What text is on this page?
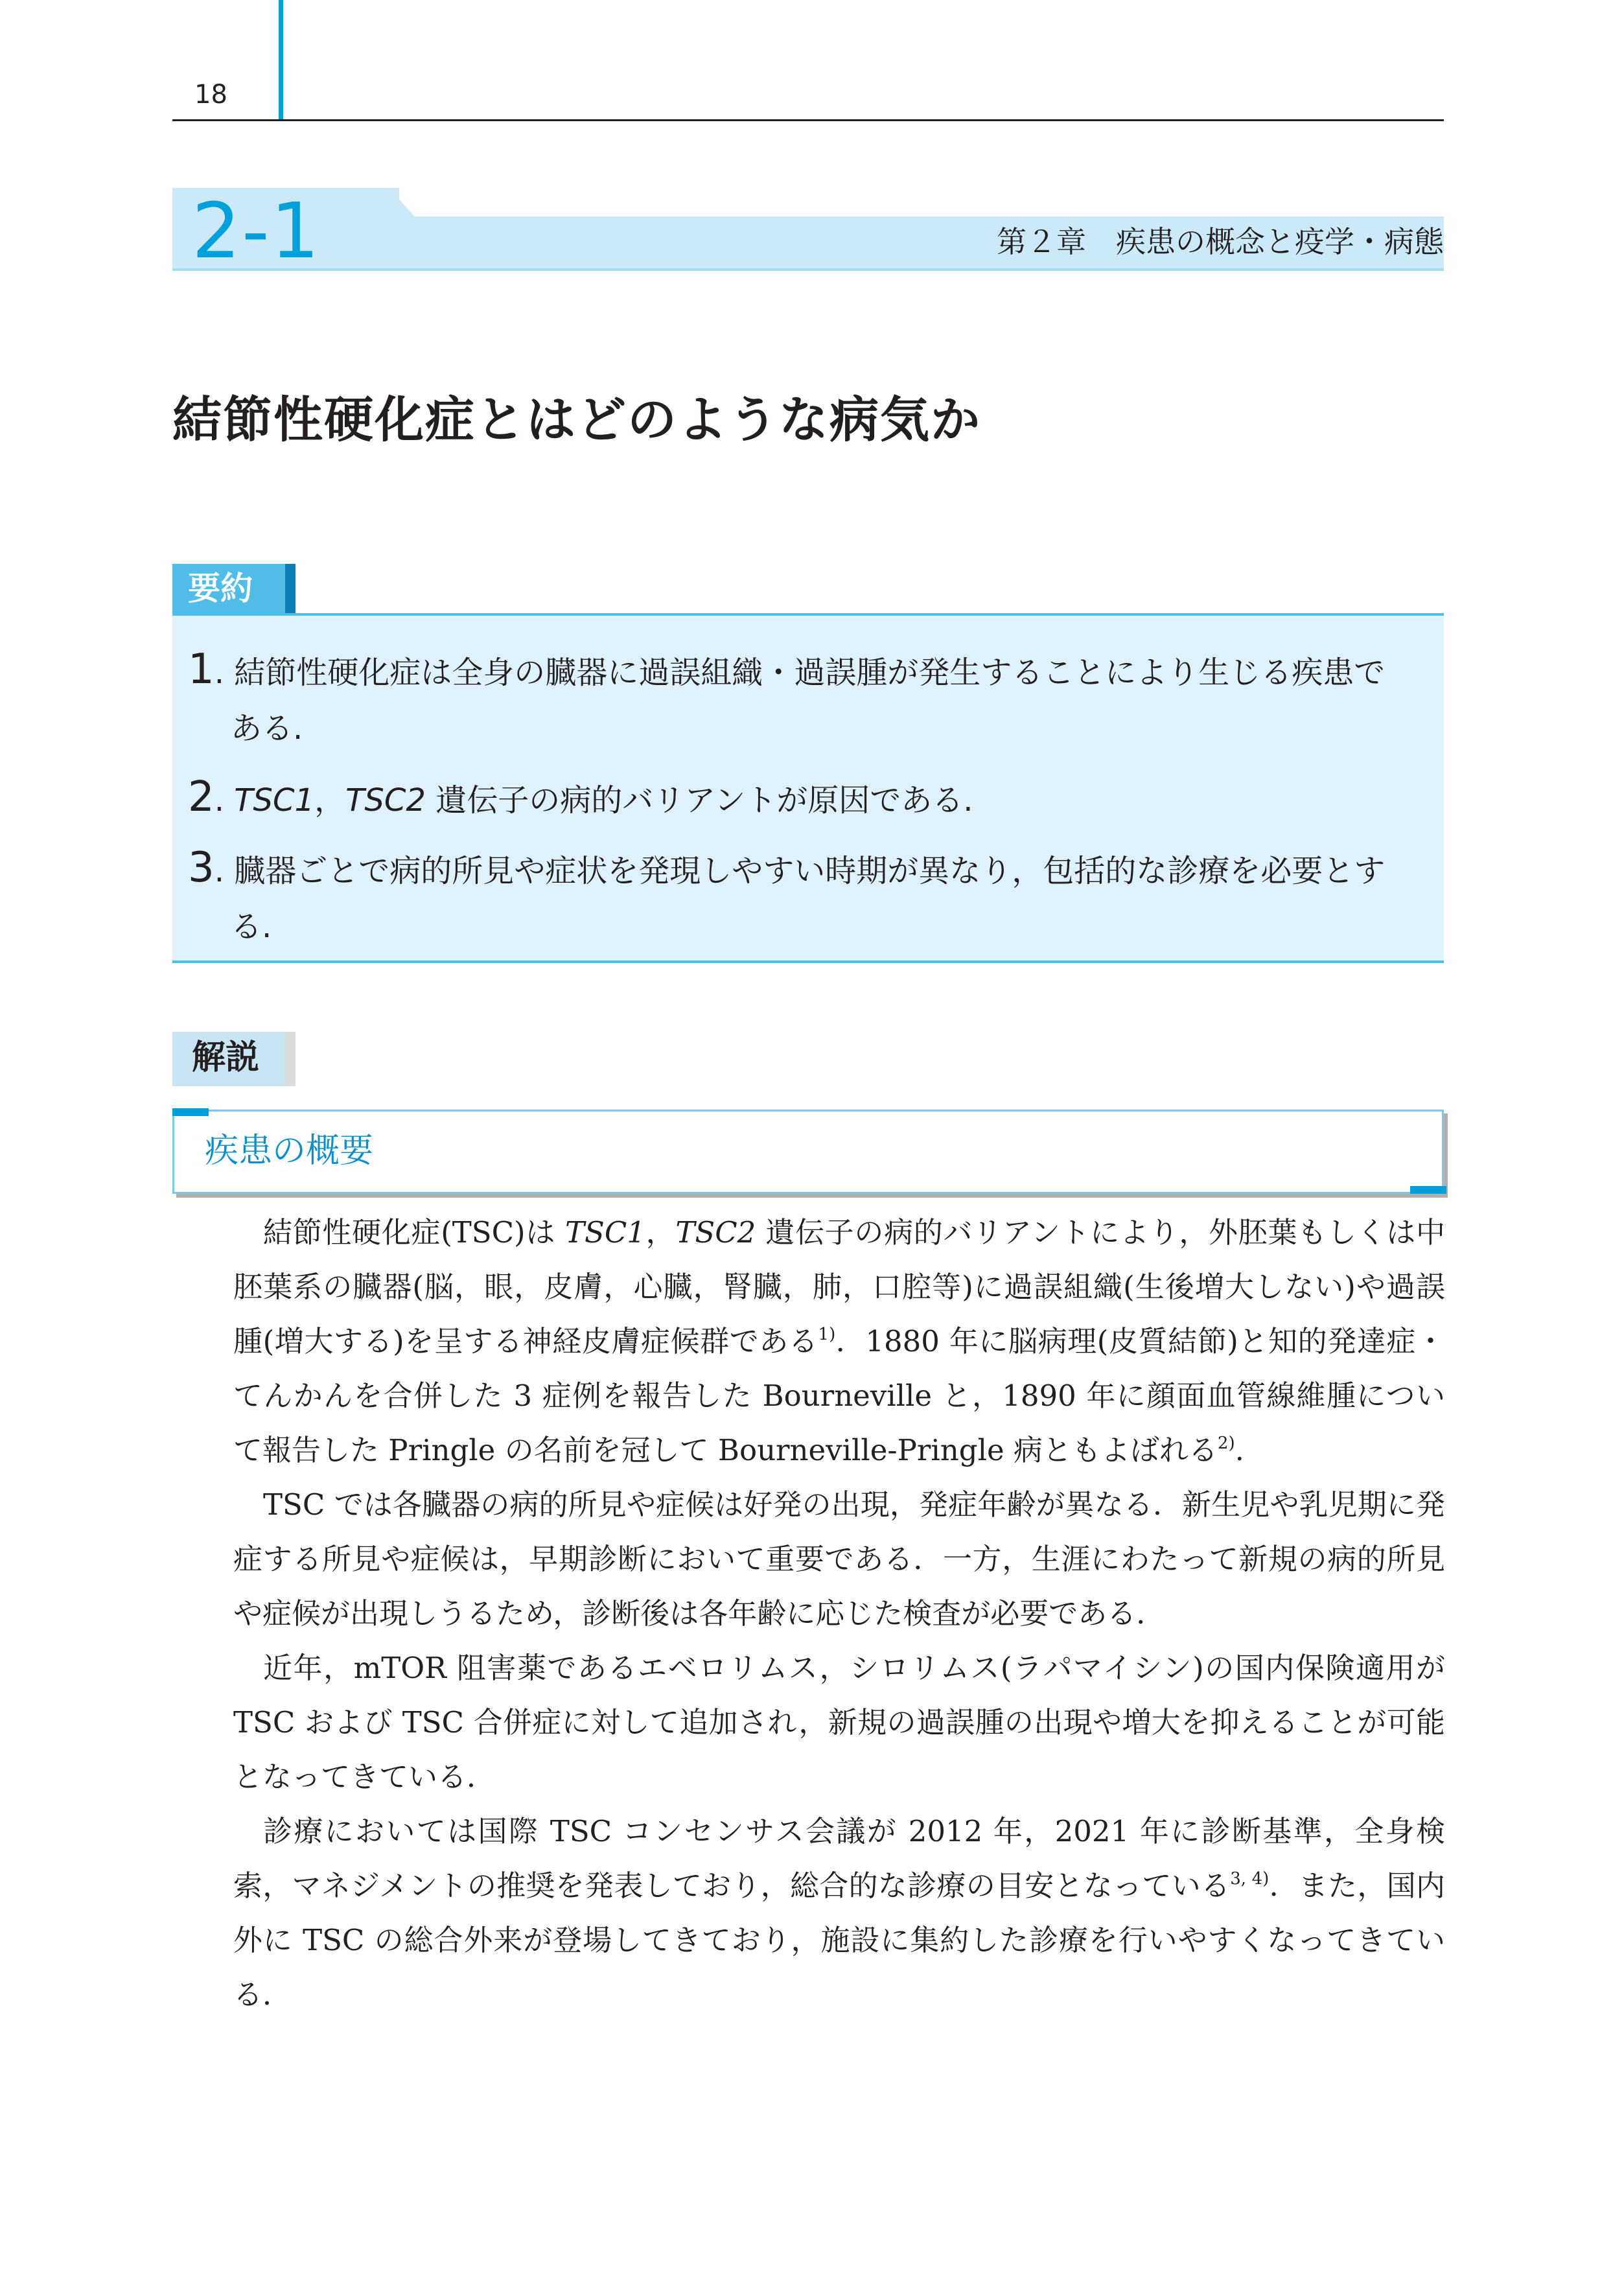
18
2-1	第２章　疾患の概念と疫学・病態
結節性硬化症とはどのような病気か
要約
1. 結節性硬化症は全身の臓器に過誤組織・過誤腫が発生することにより生じる疾患で
ある.
2. TSC1，TSC2 遺伝子の病的バリアントが原因である.
3. 臓器ごとで病的所見や症状を発現しやすい時期が異なり，包括的な診療を必要とす
る.
解説
疾患の概要

結節性硬化症(TSC)は TSC1，TSC2 遺伝子の病的バリアントにより，外胚葉もしくは中胚葉系の臓器(脳，眼，皮膚，心臓，腎臓，肺，口腔等)に過誤組織(生後増大しない)や過誤腫(増大する)を呈する神経皮膚症候群である$^{1)}$．1880 年に脳病理(皮質結節)と知的発達症・てんかんを合併した 3 症例を報告した Bourneville と，1890 年に顔面血管線維腫について報告した Pringle の名前を冠して Bourneville-Pringle 病ともよばれる$^{2)}$.

TSC では各臓器の病的所見や症候は好発の出現，発症年齢が異なる．新生児や乳児期に発症する所見や症候は，早期診断において重要である．一方，生涯にわたって新規の病的所見や症候が出現しうるため，診断後は各年齢に応じた検査が必要である．

近年，mTOR 阻害薬であるエベロリムス，シロリムス(ラパマイシン)の国内保険適用が TSC および TSC 合併症に対して追加され，新規の過誤腫の出現や増大を抑えることが可能となってきている．

診療においては国際 TSC コンセンサス会議が 2012 年，2021 年に診断基準，全身検索，マネジメントの推奨を発表しており，総合的な診療の目安となっている$^{3, 4)}$．また，国内外に TSC の総合外来が登場してきており，施設に集約した診療を行いやすくなってきている．
